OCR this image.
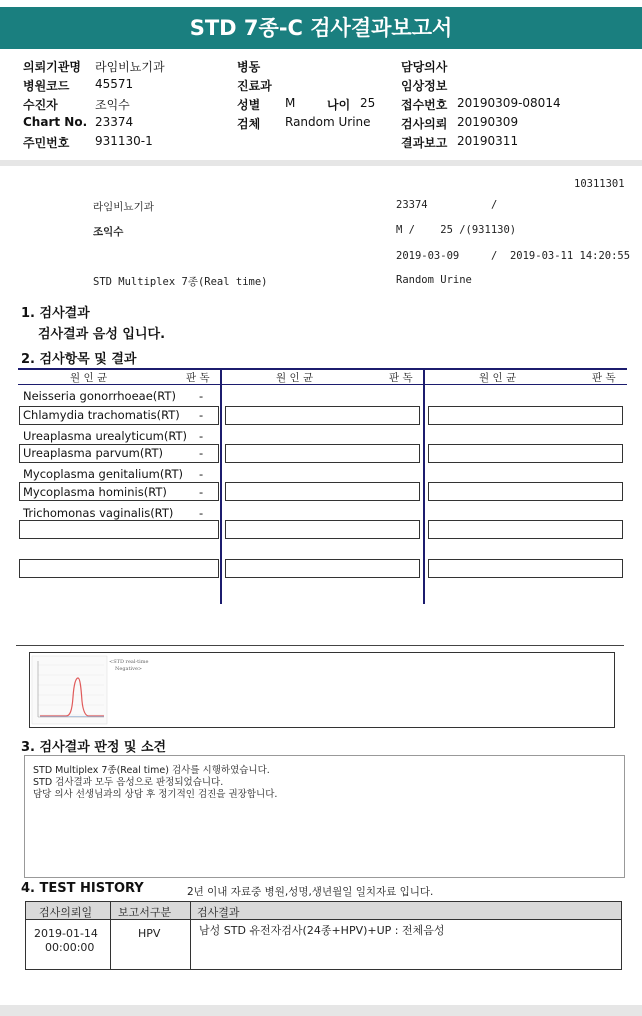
STD 7종-C 검사결과보고서
의뢰기관명 라임비뇨기과
병원코드 45571
수진자	조익수
Chart No. 23374
주민번호 931130-1
병동
진료과
성별 M	나이 25
검체 Random Urine
담당의사
임상정보
접수번호 20190309-08014
검사의뢰 20190309
결과보고 20190311
10311301
라임비뇨기과	23374	/
조익수	M /    25 /(931130)
2019-03-09	/  2019-03-11 14:20:55
STD Multiplex 7종(Real time)	Random Urine
1. 검사결과
검사결과 음성 입니다.
2. 검사항목 및 결과
원 인 균	판 독	원 인 균	판 독	원 인 균	판 독
Neisseria gonorrhoeae(RT) -
Chlamydia trachomatis(RT) -
Ureaplasma urealyticum(RT) -
Ureaplasma parvum(RT)	-
Mycoplasma genitalium(RT) -
Mycoplasma hominis(RT)	-
Trichomonas vaginalis(RT) -
<STD real-time
Negative>
3. 검사결과 판정 및 소견
STD Multiplex 7종(Real time) 검사를 시행하였습니다.
STD 검사결과 모두 음성으로 판정되었습니다.
담당 의사 선생님과의 상담 후 정기적인 검진을 권장합니다.
4. TEST HISTORY	2년 이내 자료중 병원,성명,생년월일 일치자료 입니다.
검사의뢰일 보고서구분 검사결과
2019-01-14
00:00:00
HPV	남성 STD 유전자검사(24종+HPV)+UP : 전체음성
